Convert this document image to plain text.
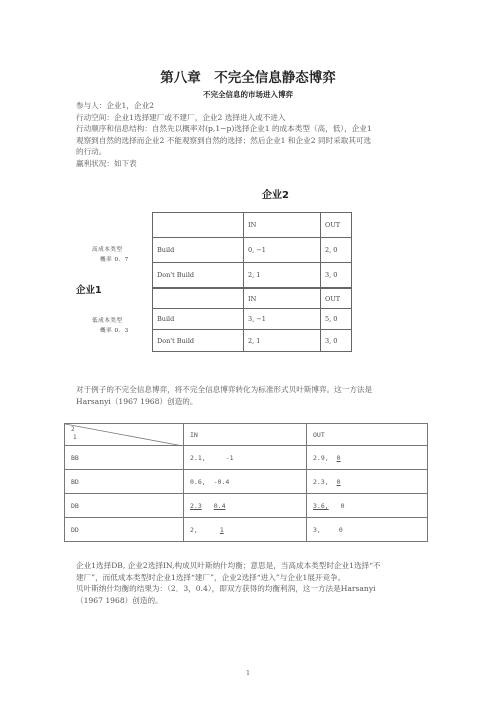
第八章　不完全信息静态博弈
不完全信息的市场进入博弈
参与人：企业1，企业2
行动空间：企业1选择建厂或不建厂，企业2 选择进入或不进入
行动顺序和信息结构：自然先以概率对(p,1−p)选择企业1 的成本类型（高，低），企业1
观察到自然的选择而企业2 不能观察到自然的选择；然后企业1 和企业2 同时采取其可选
的行动。
赢利状况：如下表
企业2
高成本类型
概率 0．7
	IN	OUT
Build	0, −1	2, 0
Don't Build	2, 1	3, 0
企业1
低成本类型
概率 0．3
	IN	OUT
Build	3, −1	5, 0
Don't Build	2, 1	3, 0
对于例子的不完全信息博弈，将不完全信息博弈转化为标准形式贝叶斯博弈。这一方法是
Harsanyi（1967 1968）创造的。
2
1	IN	OUT
BB	2.1, -1	2.9, 0
BD	0.6, -0.4	2.3, 0
DB	2.3 0.4	3.6, 0
DD	2, 1	3, 0
企业1选择DB, 企业2选择IN,构成贝叶斯纳什均衡；意思是，当高成本类型时企业1选择“不
建厂”，而低成本类型时企业1选择“建厂”，企业2选择“进入”与企业1展开竞争。
贝叶斯纳什均衡的结果为：（2．3，0.4），即双方获得的均衡利润，这一方法是Harsanyi
（1967 1968）创造的。
1
